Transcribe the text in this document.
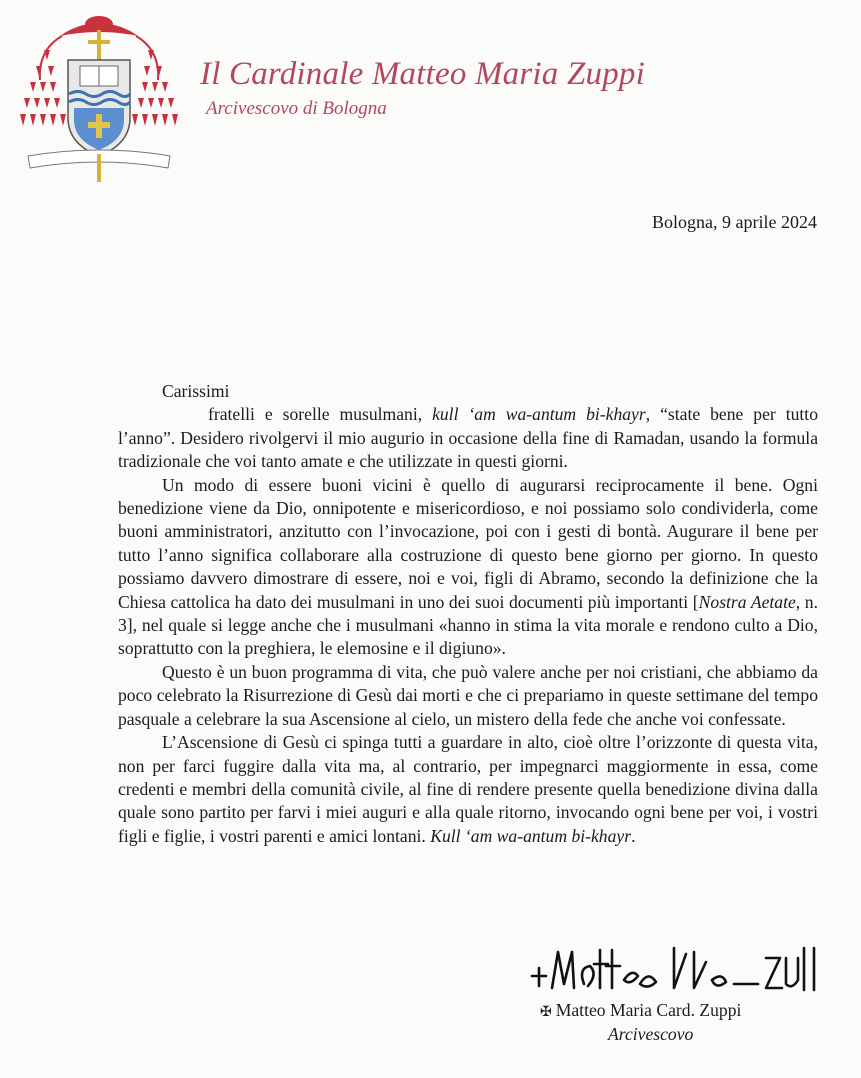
Il Cardinale Matteo Maria Zuppi
Arcivescovo di Bologna
Bologna, 9 aprile 2024

Carissimi

fratelli e sorelle musulmani, kull ‘am wa-antum bi-khayr, “state bene per tutto l’anno”. Desidero rivolgervi il mio augurio in occasione della fine di Ramadan, usando la formula tradizionale che voi tanto amate e che utilizzate in questi giorni.

Un modo di essere buoni vicini è quello di augurarsi reciprocamente il bene. Ogni benedizione viene da Dio, onnipotente e misericordioso, e noi possiamo solo condividerla, come buoni amministratori, anzitutto con l’invocazione, poi con i gesti di bontà. Augurare il bene per tutto l’anno significa collaborare alla costruzione di questo bene giorno per giorno. In questo possiamo davvero dimostrare di essere, noi e voi, figli di Abramo, secondo la definizione che la Chiesa cattolica ha dato dei musulmani in uno dei suoi documenti più importanti [Nostra Aetate, n. 3], nel quale si legge anche che i musulmani «hanno in stima la vita morale e rendono culto a Dio, soprattutto con la preghiera, le elemosine e il digiuno».

Questo è un buon programma di vita, che può valere anche per noi cristiani, che abbiamo da poco celebrato la Risurrezione di Gesù dai morti e che ci prepariamo in queste settimane del tempo pasquale a celebrare la sua Ascensione al cielo, un mistero della fede che anche voi confessate.

L’Ascensione di Gesù ci spinga tutti a guardare in alto, cioè oltre l’orizzonte di questa vita, non per farci fuggire dalla vita ma, al contrario, per impegnarci maggiormente in essa, come credenti e membri della comunità civile, al fine di rendere presente quella benedizione divina dalla quale sono partito per farvi i miei auguri e alla quale ritorno, invocando ogni bene per voi, i vostri figli e figlie, i vostri parenti e amici lontani. Kull ‘am wa-antum bi-khayr.

✠ Matteo Maria Card. Zuppi
Arcivescovo
